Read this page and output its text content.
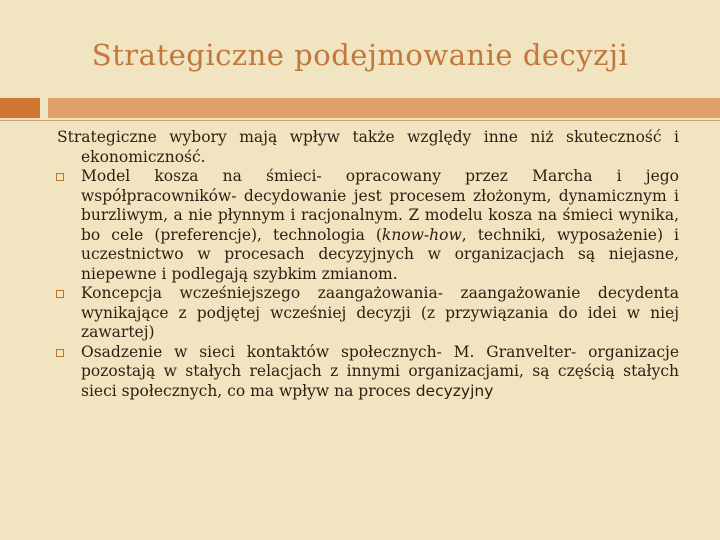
Strategiczne podejmowanie decyzji

Strategiczne wybory mają wpływ także względy inne niż skuteczność i ekonomiczność.

Model kosza na śmieci- opracowany przez Marcha i jego współpracowników- decydowanie jest procesem złożonym, dynamicznym i burzliwym, a nie płynnym i racjonalnym. Z modelu kosza na śmieci wynika, bo cele (preferencje), technologia (know-how, techniki, wyposażenie) i uczestnictwo w procesach decyzyjnych w organizacjach są niejasne, niepewne i podlegają szybkim zmianom.
Koncepcja wcześniejszego zaangażowania- zaangażowanie decydenta wynikające z podjętej wcześniej decyzji (z przywiązania do idei w niej zawartej)
Osadzenie w sieci kontaktów społecznych- M. Granvelter- organizacje pozostają w stałych relacjach z innymi organizacjami, są częścią stałych sieci społecznych, co ma wpływ na proces decyzyjny
